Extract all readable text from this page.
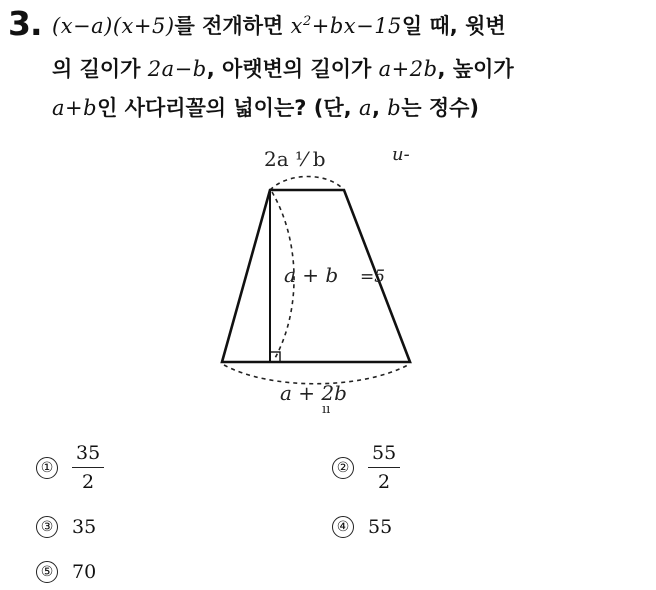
3. (x−a)(x+5)를 전개하면 $x^2+bx-15$일 때, 윗변
의 길이가 2a−b, 아랫변의 길이가 a+2b, 높이가
a+b인 사다리꼴의 넓이는? (단, a, b는 정수)
2a ⅟ b	u-
a + b =5
a + 2b
ıı
① $\frac{35}{2}$	② $\frac{55}{2}$
③ 35	④ 55
⑤ 70
